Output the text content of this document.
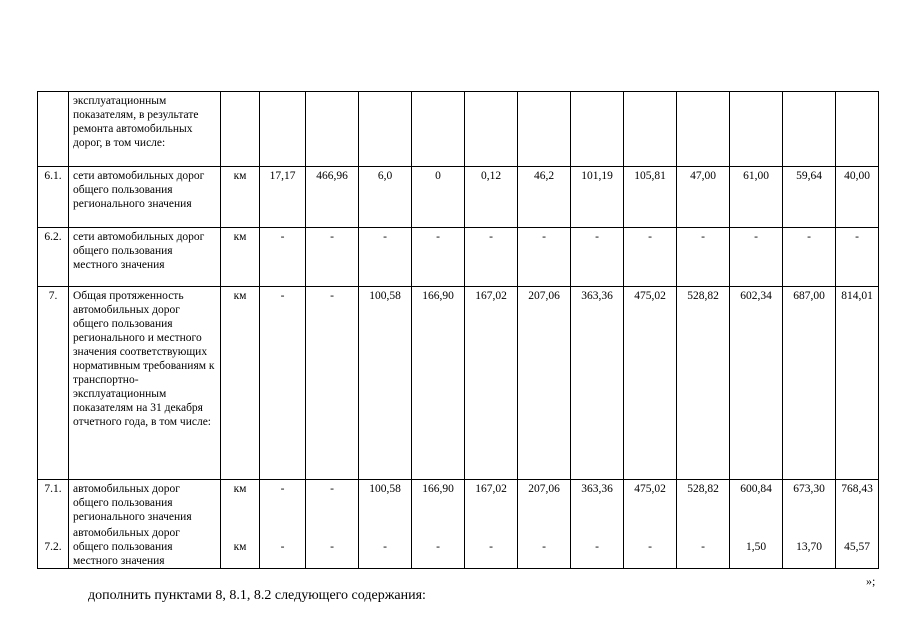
	эксплуатационным показателям, в результате ремонта автомобильных дорог, в том числе:													
6.1.	сети автомобильных дорог общего пользования регионального значения	км	17,17	466,96	6,0	0	0,12	46,2	101,19	105,81	47,00	61,00	59,64	40,00
6.2.	сети автомобильных дорог общего пользования местного значения	км	-	-	-	-	-	-	-	-	-	-	-	-
7.	Общая протяженность автомобильных дорог общего пользования регионального и местного значения соответствующих нормативным требованиям к транспортно-эксплуатационным показателям на 31 декабря отчетного года, в том числе:	км	-	-	100,58	166,90	167,02	207,06	363,36	475,02	528,82	602,34	687,00	814,01
7.1.	автомобильных дорог общего пользования регионального значения	км	-	-	100,58	166,90	167,02	207,06	363,36	475,02	528,82	600,84	673,30	768,43
7.2.	автомобильных дорог общего пользования местного значения	км	-	-	-	-	-	-	-	-	-	1,50	13,70	45,57
»;
дополнить пунктами 8, 8.1, 8.2 следующего содержания:
